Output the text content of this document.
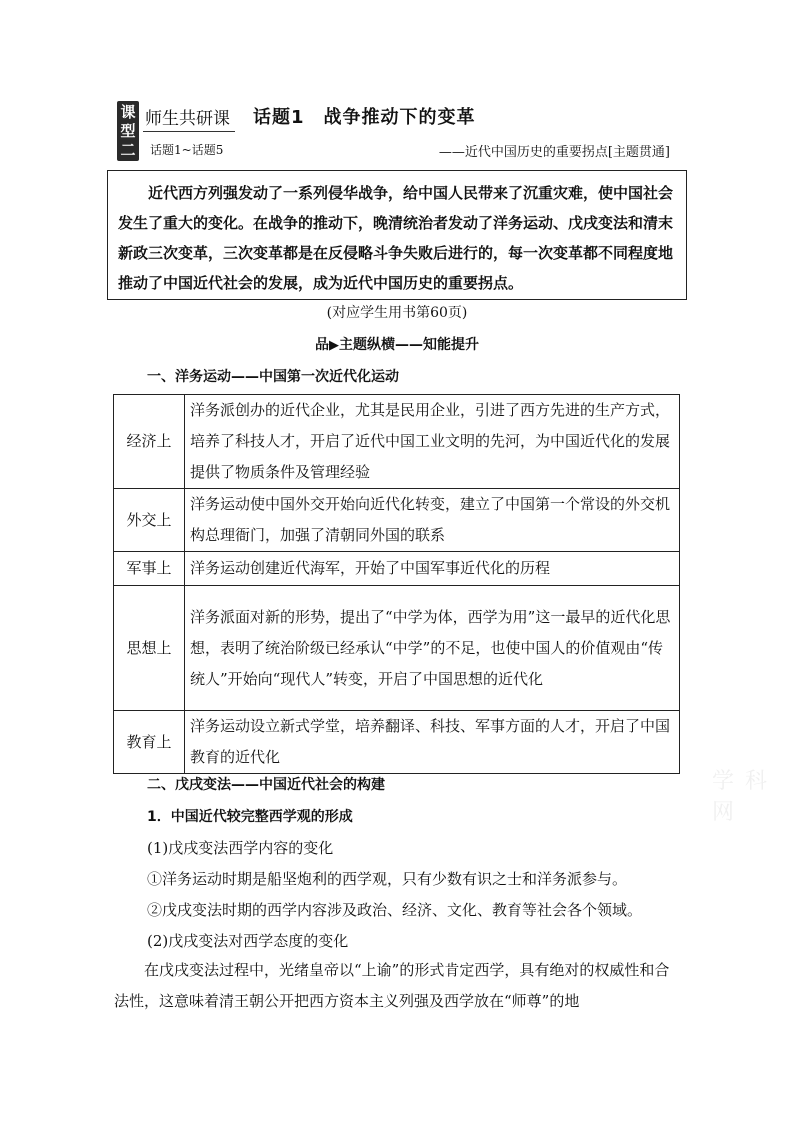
课
型
二
师生共研课
话题1~话题5
话题1　战争推动下的变革
——近代中国历史的重要拐点[主题贯通]
近代西方列强发动了一系列侵华战争，给中国人民带来了沉重灾难，使中国社会发生了重大的变化。在战争的推动下，晚清统治者发动了洋务运动、戊戌变法和清末新政三次变革，三次变革都是在反侵略斗争失败后进行的，每一次变革都不同程度地推动了中国近代社会的发展，成为近代中国历史的重要拐点。
(对应学生用书第60页)
品▶主题纵横——知能提升
一、洋务运动——中国第一次近代化运动
经济上	洋务派创办的近代企业，尤其是民用企业，引进了西方先进的生产方式，培养了科技人才，开启了近代中国工业文明的先河，为中国近代化的发展提供了物质条件及管理经验
外交上	洋务运动使中国外交开始向近代化转变，建立了中国第一个常设的外交机构总理衙门，加强了清朝同外国的联系
军事上	洋务运动创建近代海军，开始了中国军事近代化的历程
思想上	洋务派面对新的形势，提出了“中学为体，西学为用”这一最早的近代化思想，表明了统治阶级已经承认“中学”的不足，也使中国人的价值观由“传统人”开始向“现代人”转变，开启了中国思想的近代化
教育上	洋务运动设立新式学堂，培养翻译、科技、军事方面的人才，开启了中国教育的近代化
二、戊戌变法——中国近代社会的构建
1．中国近代较完整西学观的形成
(1)戊戌变法西学内容的变化
①洋务运动时期是船坚炮利的西学观，只有少数有识之士和洋务派参与。
②戊戌变法时期的西学内容涉及政治、经济、文化、教育等社会各个领域。
(2)戊戌变法对西学态度的变化
在戊戌变法过程中，光绪皇帝以“上谕”的形式肯定西学，具有绝对的权威性和合法性，这意味着清王朝公开把西方资本主义列强及西学放在“师尊”的地
学 科 网
